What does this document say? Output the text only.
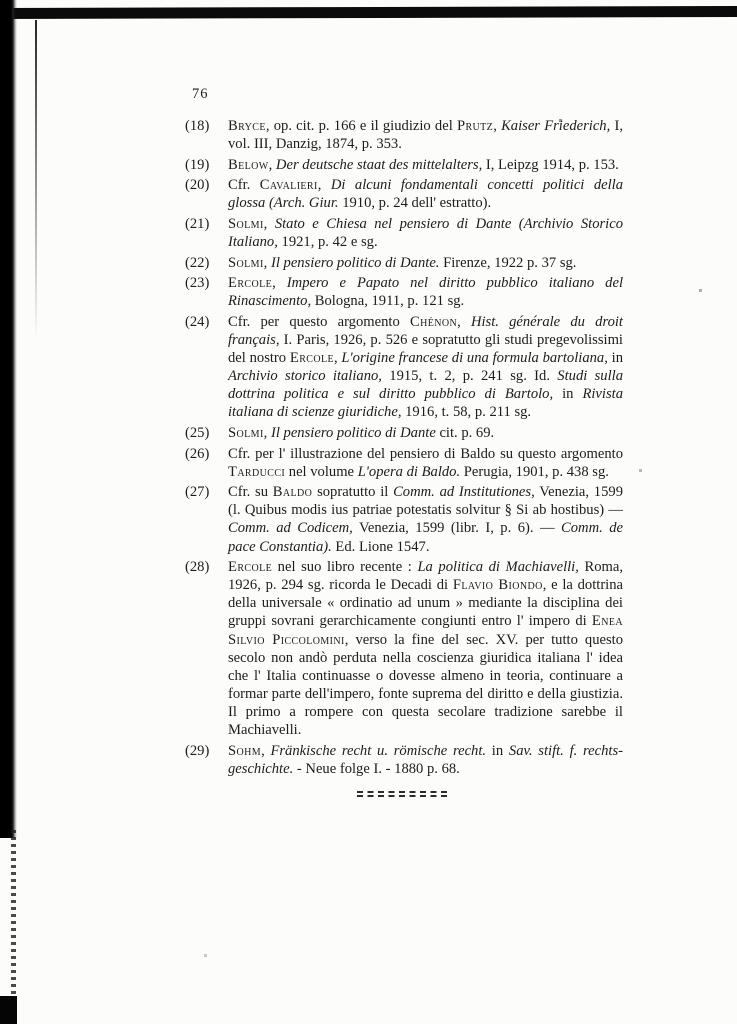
76
(18) Bryce, op. cit. p. 166 e il giudizio del Prutz, Kaiser Friederich, I, vol. III, Danzig, 1874, p. 353.
(19) Below, Der deutsche staat des mittelalters, I, Leipzg 1914, p. 153.
(20) Cfr. Cavalieri, Di alcuni fondamentali concetti politici della glossa (Arch. Giur. 1910, p. 24 dell' estratto).
(21) Solmi, Stato e Chiesa nel pensiero di Dante (Archivio Storico Italiano, 1921, p. 42 e sg.
(22) Solmi, Il pensiero politico di Dante. Firenze, 1922 p. 37 sg.
(23) Ercole, Impero e Papato nel diritto pubblico italiano del Rinascimento, Bologna, 1911, p. 121 sg.
(24) Cfr. per questo argomento Chénon, Hist. générale du droit français, I. Paris, 1926, p. 526 e sopratutto gli studi pregevolissimi del nostro Ercole, L'origine francese di una formula bartoliana, in Archivio storico italiano, 1915, t. 2, p. 241 sg. Id. Studi sulla dottrina politica e sul diritto pubblico di Bartolo, in Rivista italiana di scienze giuridiche, 1916, t. 58, p. 211 sg.
(25) Solmi, Il pensiero politico di Dante cit. p. 69.
(26) Cfr. per l' illustrazione del pensiero di Baldo su questo argomento Tarducci nel volume L'opera di Baldo. Perugia, 1901, p. 438 sg.
(27) Cfr. su Baldo sopratutto il Comm. ad Institutiones, Venezia, 1599 (l. Quibus modis ius patriae potestatis solvitur § Si ab hostibus) — Comm. ad Codicem, Venezia, 1599 (libr. I, p. 6). — Comm. de pace Constantia). Ed. Lione 1547.
(28) Ercole nel suo libro recente : La politica di Machiavelli, Roma, 1926, p. 294 sg. ricorda le Decadi di Flavio Biondo, e la dottrina della universale « ordinatio ad unum » mediante la disciplina dei gruppi sovrani gerarchicamente congiunti entro l' impero di Enea Silvio Piccolomini, verso la fine del sec. XV. per tutto questo secolo non andò perduta nella coscienza giuridica italiana l' idea che l' Italia continuasse o dovesse almeno in teoria, continuare a formar parte dell'impero, fonte suprema del diritto e della giustizia. Il primo a rompere con questa secolare tradizione sarebbe il Machiavelli.
(29) Sohm, Fränkische recht u. römische recht. in Sav. stift. f. rechts-geschichte. - Neue folge I. - 1880 p. 68.
